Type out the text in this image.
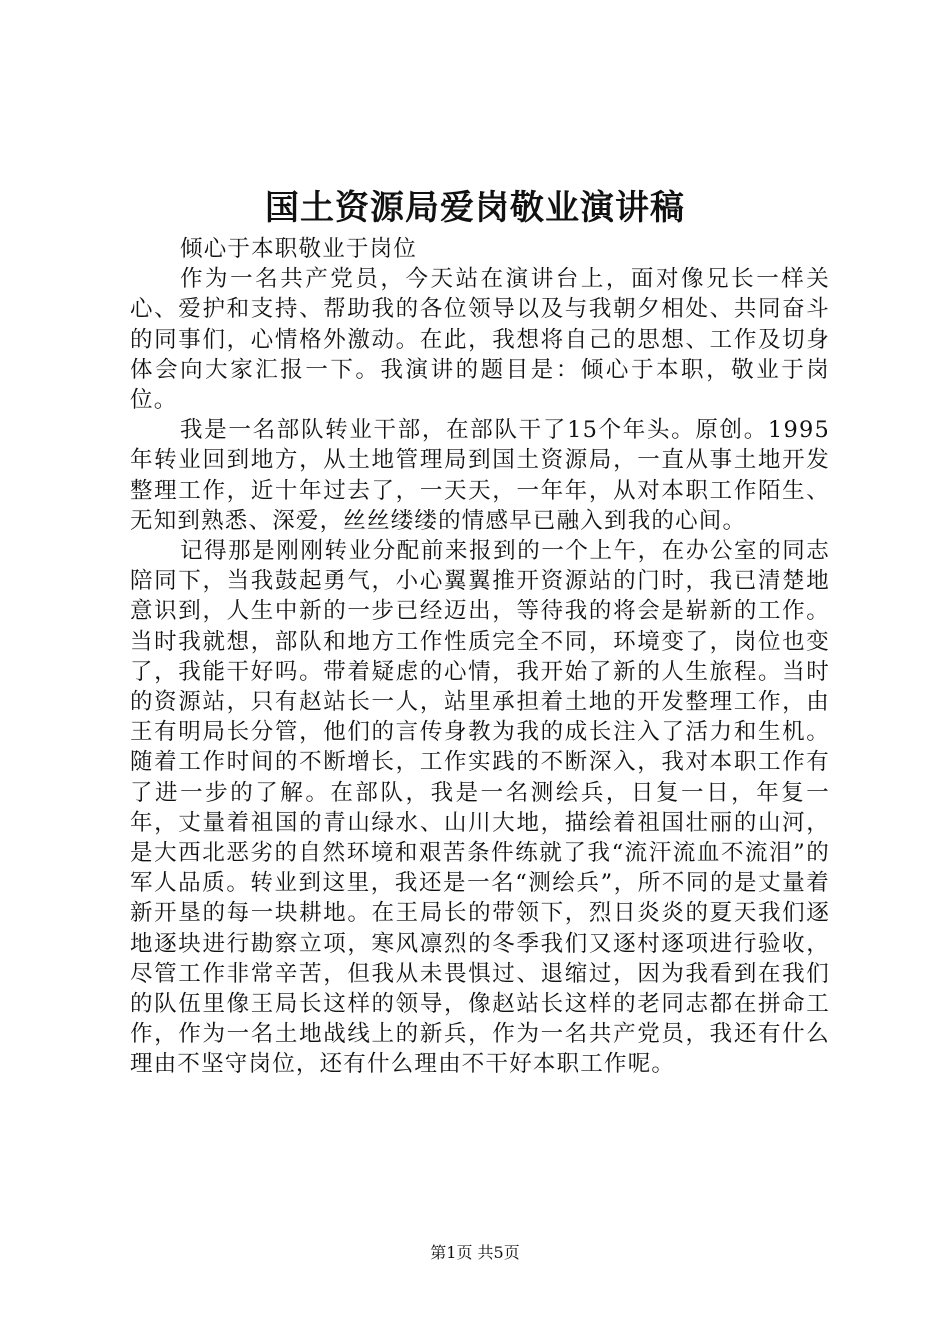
国土资源局爱岗敬业演讲稿

倾心于本职敬业于岗位

作为一名共产党员，今天站在演讲台上，面对像兄长一样关心、爱护和支持、帮助我的各位领导以及与我朝夕相处、共同奋斗的同事们，心情格外激动。在此，我想将自己的思想、工作及切身体会向大家汇报一下。我演讲的题目是：倾心于本职，敬业于岗位。

我是一名部队转业干部，在部队干了15个年头。原创。1995年转业回到地方，从土地管理局到国土资源局，一直从事土地开发整理工作，近十年过去了，一天天，一年年，从对本职工作陌生、无知到熟悉、深爱，丝丝缕缕的情感早已融入到我的心间。

记得那是刚刚转业分配前来报到的一个上午，在办公室的同志陪同下，当我鼓起勇气，小心翼翼推开资源站的门时，我已清楚地意识到，人生中新的一步已经迈出，等待我的将会是崭新的工作。当时我就想，部队和地方工作性质完全不同，环境变了，岗位也变了，我能干好吗。带着疑虑的心情，我开始了新的人生旅程。当时的资源站，只有赵站长一人，站里承担着土地的开发整理工作，由王有明局长分管，他们的言传身教为我的成长注入了活力和生机。随着工作时间的不断增长，工作实践的不断深入，我对本职工作有了进一步的了解。在部队，我是一名测绘兵，日复一日，年复一年，丈量着祖国的青山绿水、山川大地，描绘着祖国壮丽的山河，是大西北恶劣的自然环境和艰苦条件练就了我“流汗流血不流泪”的军人品质。转业到这里，我还是一名“测绘兵”，所不同的是丈量着新开垦的每一块耕地。在王局长的带领下，烈日炎炎的夏天我们逐地逐块进行勘察立项，寒风凛烈的冬季我们又逐村逐项进行验收，尽管工作非常辛苦，但我从未畏惧过、退缩过，因为我看到在我们的队伍里像王局长这样的领导，像赵站长这样的老同志都在拼命工作，作为一名土地战线上的新兵，作为一名共产党员，我还有什么理由不坚守岗位，还有什么理由不干好本职工作呢。

第1页 共5页
